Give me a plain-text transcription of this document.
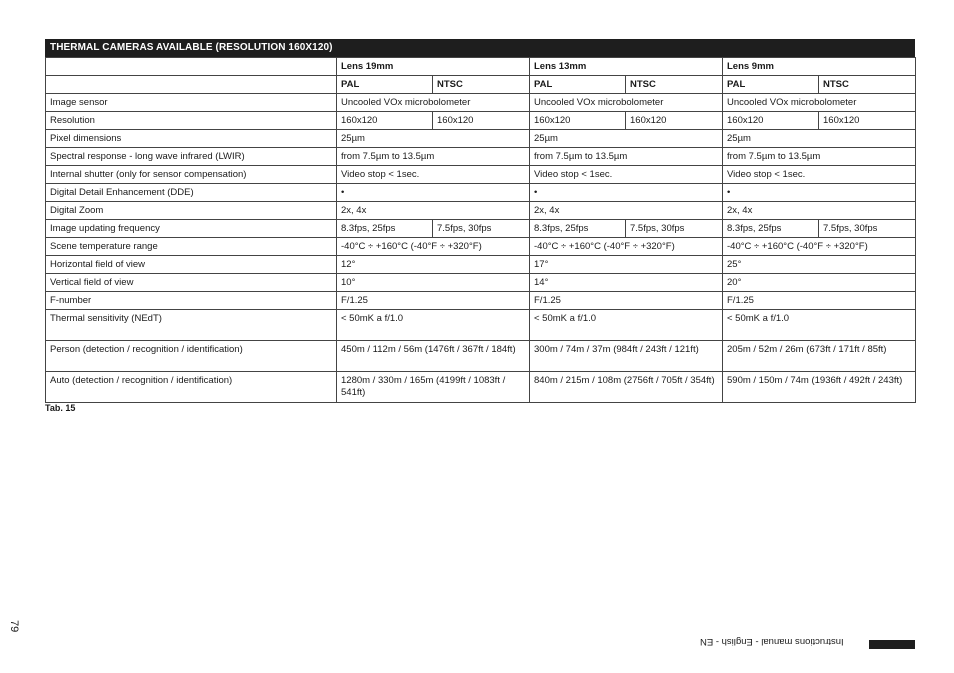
THERMAL CAMERAS AVAILABLE (RESOLUTION 160X120)
	Lens 19mm		Lens 13mm		Lens 9mm	
	PAL	NTSC	PAL	NTSC	PAL	NTSC
Image sensor	Uncooled VOx microbolometer		Uncooled VOx microbolometer		Uncooled VOx microbolometer	
Resolution	160x120	160x120	160x120	160x120	160x120	160x120
Pixel dimensions	25µm		25µm		25µm	
Spectral response - long wave infrared (LWIR)	from 7.5µm to 13.5µm		from 7.5µm to 13.5µm		from 7.5µm to 13.5µm	
Internal shutter (only for sensor compensation)	Video stop < 1sec.		Video stop < 1sec.		Video stop < 1sec.	
Digital Detail Enhancement (DDE)	•		•		•	
Digital Zoom	2x, 4x		2x, 4x		2x, 4x	
Image updating frequency	8.3fps, 25fps	7.5fps, 30fps	8.3fps, 25fps	7.5fps, 30fps	8.3fps, 25fps	7.5fps, 30fps
Scene temperature range	-40°C ÷ +160°C (-40°F ÷ +320°F)		-40°C ÷ +160°C (-40°F ÷ +320°F)		-40°C ÷ +160°C (-40°F ÷ +320°F)	
Horizontal field of view	12°		17°		25°	
Vertical field of view	10°		14°		20°	
F-number	F/1.25		F/1.25		F/1.25	
Thermal sensitivity (NEdT)	< 50mK a f/1.0		< 50mK a f/1.0		< 50mK a f/1.0	
Person (detection / recognition / identification)	450m / 112m / 56m (1476ft / 367ft / 184ft)		300m / 74m / 37m (984ft / 243ft / 121ft)		205m / 52m / 26m (673ft / 171ft / 85ft)	
Auto (detection / recognition / identification)	1280m / 330m / 165m (4199ft / 1083ft / 541ft)		840m / 215m / 108m (2756ft / 705ft / 354ft)		590m / 150m / 74m (1936ft / 492ft / 243ft)	
Tab. 15
79
Instructions manual - English - EN
